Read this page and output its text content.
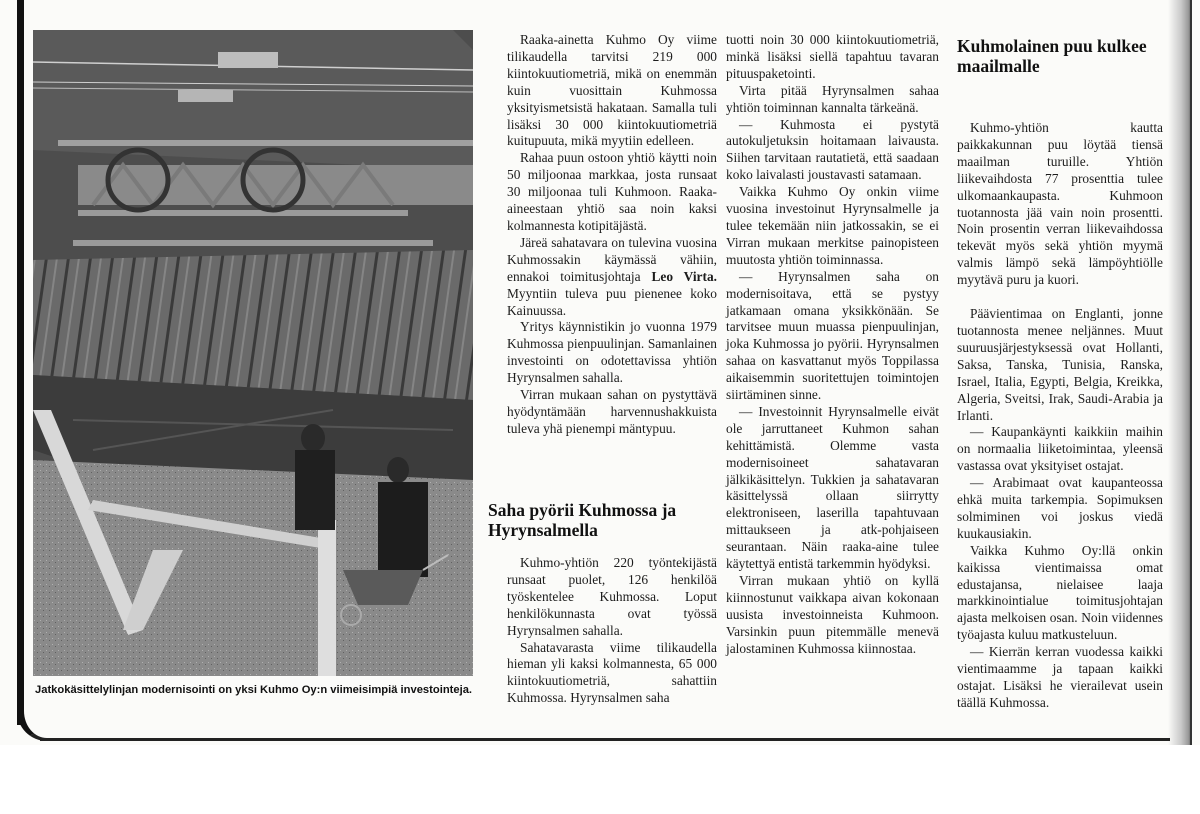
Jatkokäsittelylinjan modernisointi on yksi Kuhmo Oy:n viimeisimpiä investointeja.

Raaka-ainetta Kuhmo Oy viime tilikaudella tarvitsi 219 000 kiintokuutiometriä, mikä on enemmän kuin vuosittain Kuhmossa yksityismetsistä hakataan. Samalla tuli lisäksi 30 000 kiintokuutiometriä kuitupuuta, mikä myytiin edelleen.

Rahaa puun ostoon yhtiö käytti noin 50 miljoonaa markkaa, josta runsaat 30 miljoonaa tuli Kuhmoon. Raaka-aineestaan yhtiö saa noin kaksi kolmannesta kotipitäjästä.

Järeä sahatavara on tulevina vuosina Kuhmossakin käymässä vähiin, ennakoi toimitusjohtaja Leo Virta. Myyntiin tuleva puu pienenee koko Kainuussa.

Yritys käynnistikin jo vuonna 1979 Kuhmossa pienpuulinjan. Samanlainen investointi on odotettavissa yhtiön Hyrynsalmen sahalla.

Virran mukaan sahan on pystyttävä hyödyntämään harvennushakkuista tuleva yhä pienempi mäntypuu.

Saha pyörii Kuhmossa ja Hyrynsalmella

Kuhmo-yhtiön 220 työntekijästä runsaat puolet, 126 henkilöä työskentelee Kuhmossa. Loput henkilökunnasta ovat työssä Hyrynsalmen sahalla.

Sahatavarasta viime tilikaudella hieman yli kaksi kolmannesta, 65 000 kiintokuutiometriä, sahattiin Kuhmossa. Hyrynsalmen saha

tuotti noin 30 000 kiintokuutiometriä, minkä lisäksi siellä tapahtuu tavaran pituuspaketointi.

Virta pitää Hyrynsalmen sahaa yhtiön toiminnan kannalta tärkeänä.

— Kuhmosta ei pystytä autokuljetuksin hoitamaan laivausta. Siihen tarvitaan rautatietä, että saadaan koko laivalasti joustavasti satamaan.

Vaikka Kuhmo Oy onkin viime vuosina investoinut Hyrynsalmelle ja tulee tekemään niin jatkossakin, se ei Virran mukaan merkitse painopisteen muutosta yhtiön toiminnassa.

— Hyrynsalmen saha on modernisoitava, että se pystyy jatkamaan omana yksikkönään. Se tarvitsee muun muassa pienpuulinjan, joka Kuhmossa jo pyörii. Hyrynsalmen sahaa on kasvattanut myös Toppilassa aikaisemmin suoritettujen toimintojen siirtäminen sinne.

— Investoinnit Hyrynsalmelle eivät ole jarruttaneet Kuhmon sahan kehittämistä. Olemme vasta modernisoineet sahatavaran jälkikäsittelyn. Tukkien ja sahatavaran käsittelyssä ollaan siirrytty elektroniseen, laserilla tapahtuvaan mittaukseen ja atk-pohjaiseen seurantaan. Näin raaka-aine tulee käytettyä entistä tarkemmin hyödyksi.

Virran mukaan yhtiö on kyllä kiinnostunut vaikkapa aivan kokonaan uusista investoinneista Kuhmoon. Varsinkin puun pitemmälle menevä jalostaminen Kuhmossa kiinnostaa.

Kuhmolainen puu kulkee maailmalle

Kuhmo-yhtiön kautta paikkakunnan puu löytää tiensä maailman turuille. Yhtiön liikevaihdosta 77 prosenttia tulee ulkomaankaupasta. Kuhmoon tuotannosta jää vain noin prosentti. Noin prosentin verran liikevaihdossa tekevät myös sekä yhtiön myymä valmis lämpö sekä lämpöyhtiölle myytävä puru ja kuori.

Päävientimaa on Englanti, jonne tuotannosta menee neljännes. Muut suuruusjärjestyksessä ovat Hollanti, Saksa, Tanska, Tunisia, Ranska, Israel, Italia, Egypti, Belgia, Kreikka, Algeria, Sveitsi, Irak, Saudi-Arabia ja Irlanti.

— Kaupankäynti kaikkiin maihin on normaalia liiketoimintaa, yleensä vastassa ovat yksityiset ostajat.

— Arabimaat ovat kaupanteossa ehkä muita tarkempia. Sopimuksen solmiminen voi joskus viedä kuukausiakin.

Vaikka Kuhmo Oy:llä onkin kaikissa vientimaissa omat edustajansa, nielaisee laaja markkinointialue toimitusjohtajan ajasta melkoisen osan. Noin viidennes työajasta kuluu matkusteluun.

— Kierrän kerran vuodessa kaikki vientimaamme ja tapaan kaikki ostajat. Lisäksi he vierailevat usein täällä Kuhmossa.
